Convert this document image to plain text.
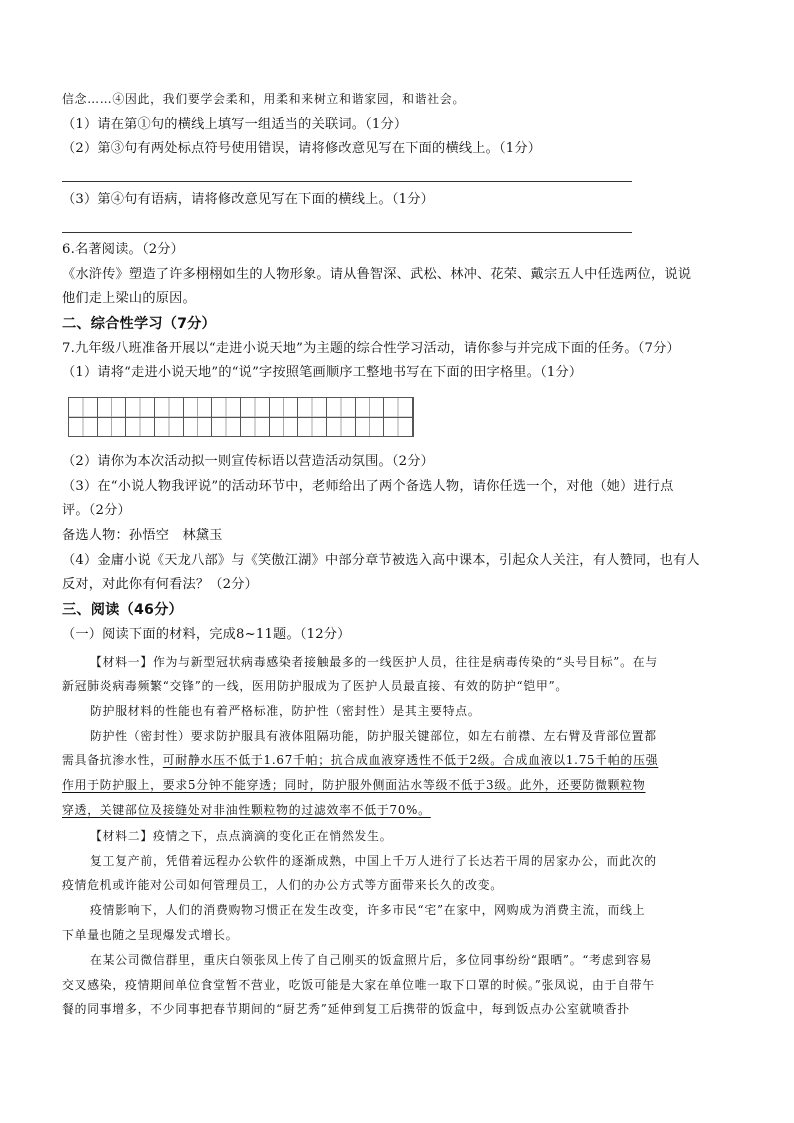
信念……④因此，我们要学会柔和，用柔和来树立和谐家园，和谐社会。
（1）请在第①句的横线上填写一组适当的关联词。（1分）
（2）第③句有两处标点符号使用错误，请将修改意见写在下面的横线上。（1分）
（3）第④句有语病，请将修改意见写在下面的横线上。（1分）
6.名著阅读。（2分）
《水浒传》塑造了许多栩栩如生的人物形象。请从鲁智深、武松、林冲、花荣、戴宗五人中任选两位，说说
他们走上梁山的原因。
二、综合性学习（7分）
7.九年级八班准备开展以“走进小说天地”为主题的综合性学习活动，请你参与并完成下面的任务。（7分）
（1）请将“走进小说天地”的“说”字按照笔画顺序工整地书写在下面的田字格里。（1分）
（2）请你为本次活动拟一则宣传标语以营造活动氛围。（2分）
（3）在“小说人物我评说”的活动环节中，老师给出了两个备选人物，请你任选一个，对他（她）进行点
评。（2分）
备选人物：孙悟空　林黛玉
（4）金庸小说《天龙八部》与《笑傲江湖》中部分章节被选入高中课本，引起众人关注，有人赞同，也有人
反对，对此你有何看法？（2分）
三、阅读（46分）
（一）阅读下面的材料，完成8~11题。（12分）
【材料一】作为与新型冠状病毒感染者接触最多的一线医护人员，往往是病毒传染的“头号目标”。在与
新冠肺炎病毒频繁“交锋”的一线，医用防护服成为了医护人员最直接、有效的防护“铠甲”。
防护服材料的性能也有着严格标准，防护性（密封性）是其主要特点。
防护性（密封性）要求防护服具有液体阻隔功能，防护服关键部位，如左右前襟、左右臂及背部位置都
需具备抗渗水性，可耐静水压不低于1.67千帕；抗合成血液穿透性不低于2级。合成血液以1.75千帕的压强
作用于防护服上，要求5分钟不能穿透；同时，防护服外侧面沾水等级不低于3级。此外，还要防微颗粒物
穿透，关键部位及接缝处对非油性颗粒物的过滤效率不低于70%。
【材料二】疫情之下，点点滴滴的变化正在悄然发生。
复工复产前，凭借着远程办公软件的逐渐成熟，中国上千万人进行了长达若干周的居家办公，而此次的
疫情危机或许能对公司如何管理员工，人们的办公方式等方面带来长久的改变。
疫情影响下，人们的消费购物习惯正在发生改变，许多市民“宅”在家中，网购成为消费主流，而线上
下单量也随之呈现爆发式增长。
在某公司微信群里，重庆白领张凤上传了自己刚买的饭盒照片后，多位同事纷纷“跟晒”。“考虑到容易
交叉感染，疫情期间单位食堂暂不营业，吃饭可能是大家在单位唯一取下口罩的时候。”张凤说，由于自带午
餐的同事增多，不少同事把春节期间的“厨艺秀”延伸到复工后携带的饭盒中，每到饭点办公室就喷香扑
